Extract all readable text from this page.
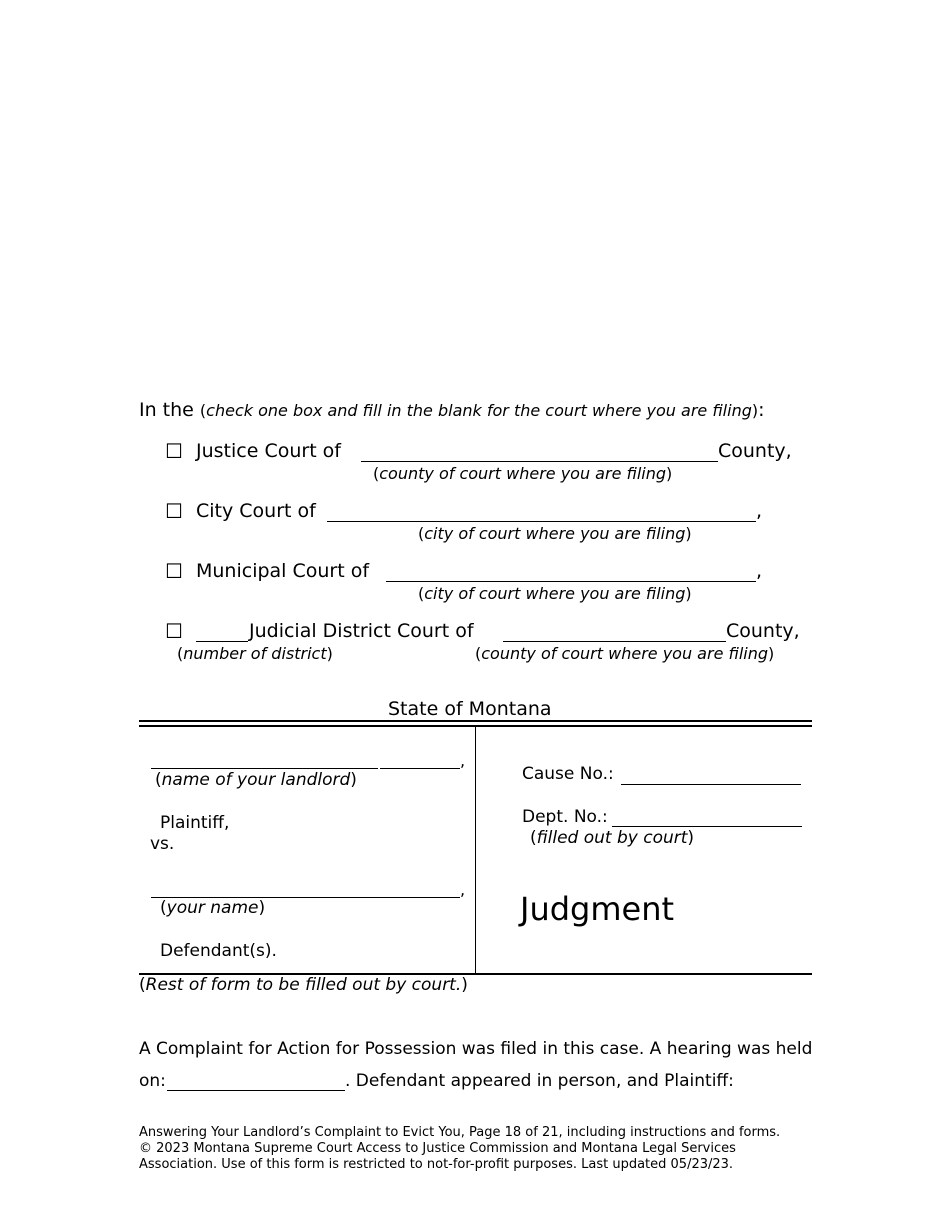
In the (check one box and fill in the blank for the court where you are filing):
☐ Justice Court of	County,
(county of court where you are filing)
☐ City Court of	,
(city of court where you are filing)
☐ Municipal Court of	,
(city of court where you are filing)
☐	Judicial District Court of	County,
(number of district)	(county of court where you are filing)
State of Montana
,
(name of your landlord)
Plaintiff,
vs.
,
(your name)
Defendant(s).
Cause No.:
Dept. No.:
(filled out by court)
Judgment
(Rest of form to be filled out by court.)
A Complaint for Action for Possession was filed in this case. A hearing was held
on:	. Defendant appeared in person, and Plaintiff:
Answering Your Landlord’s Complaint to Evict You, Page 18 of 21, including instructions and forms.
© 2023 Montana Supreme Court Access to Justice Commission and Montana Legal Services
Association. Use of this form is restricted to not-for-profit purposes. Last updated 05/23/23.
